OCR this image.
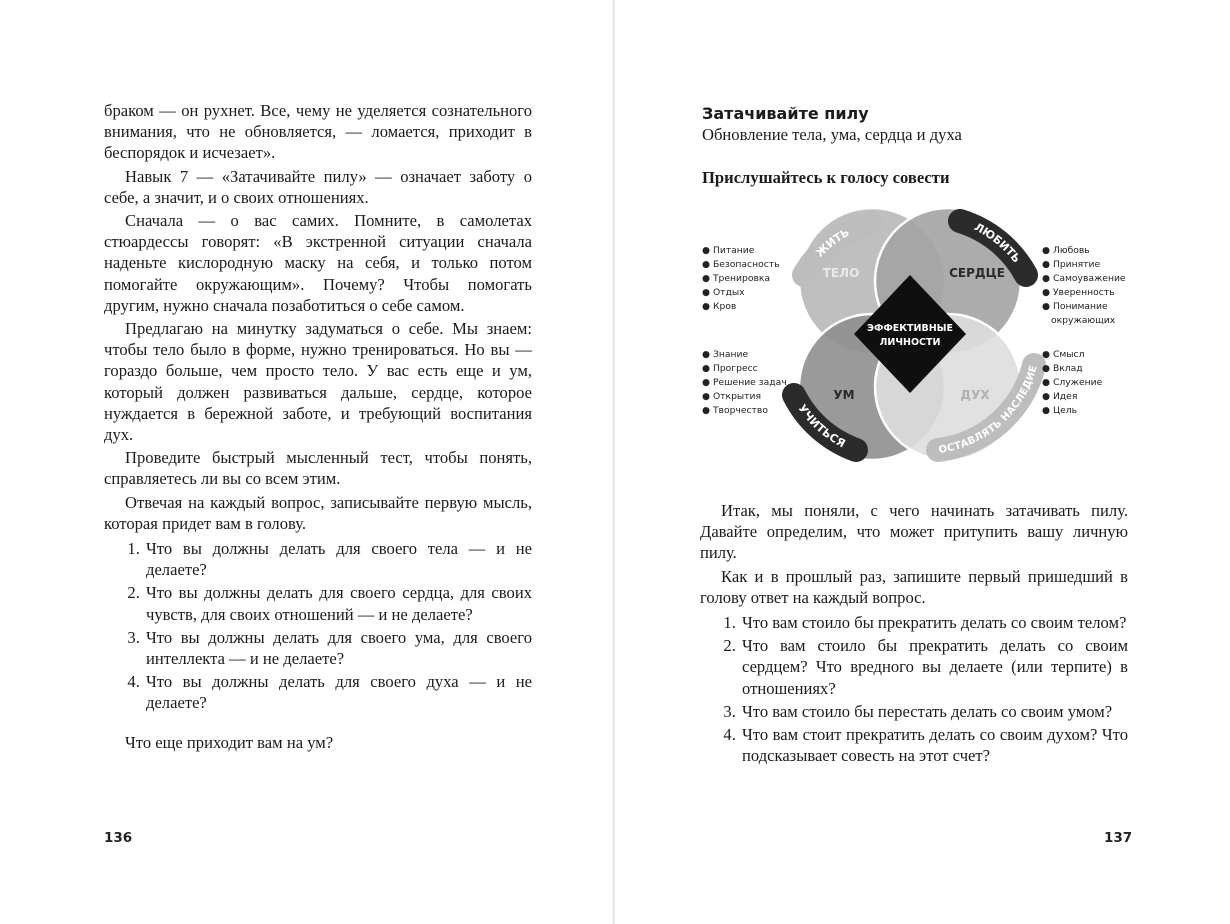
браком — он рухнет. Все, чему не уделяется сознательного внимания, что не обновляется, — ломается, приходит в беспорядок и исчезает».

Навык 7 — «Затачивайте пилу» — означает заботу о себе, а значит, и о своих отношениях.

Сначала — о вас самих. Помните, в самолетах стюардессы говорят: «В экстренной ситуации сначала наденьте кислородную маску на себя, и только потом помогайте окружающим». Почему? Чтобы помогать другим, нужно сначала позаботиться о себе самом.

Предлагаю на минутку задуматься о себе. Мы знаем: чтобы тело было в форме, нужно тренироваться. Но вы — гораздо больше, чем просто тело. У вас есть еще и ум, который должен развиваться дальше, сердце, которое нуждается в бережной заботе, и требующий воспитания дух.

Проведите быстрый мысленный тест, чтобы понять, справляетесь ли вы со всем этим.

Отвечая на каждый вопрос, записывайте первую мысль, которая придет вам в голову.

1. Что вы должны делать для своего тела — и не делаете?
2. Что вы должны делать для своего сердца, для своих чувств, для своих отношений — и не делаете?
3. Что вы должны делать для своего ума, для своего интеллекта — и не делаете?
4. Что вы должны делать для своего духа — и не делаете?

Что еще приходит вам на ум?

136
Затачивайте пилу
Обновление тела, ума, сердца и духа
Прислушайтесь к голосу совести
ЖИТЬ	ЛЮБИТЬ
УЧИТЬСЯ	ОСТАВЛЯТЬ НАСЛЕДИЕ
ТЕЛО	СЕРДЦЕ
УМ	ДУХ
ЭФФЕКТИВНЫЕ
ЛИЧНОСТИ
● Питание
● Безопасность
● Тренировка
● Отдых
● Кров
● Любовь
● Принятие
● Самоуважение
● Уверенность
● Понимание
окружающих
● Знание
● Прогресс
● Решение задач
● Открытия
● Творчество
● Смысл
● Вклад
● Служение
● Идея
● Цель

Итак, мы поняли, с чего начинать затачивать пилу. Давайте определим, что может притупить вашу личную пилу.

Как и в прошлый раз, запишите первый пришедший в голову ответ на каждый вопрос.

1. Что вам стоило бы прекратить делать со своим телом?
2. Что вам стоило бы прекратить делать со своим сердцем? Что вредного вы делаете (или терпите) в отношениях?
3. Что вам стоило бы перестать делать со своим умом?
4. Что вам стоит прекратить делать со своим духом? Что подсказывает совесть на этот счет?
137
